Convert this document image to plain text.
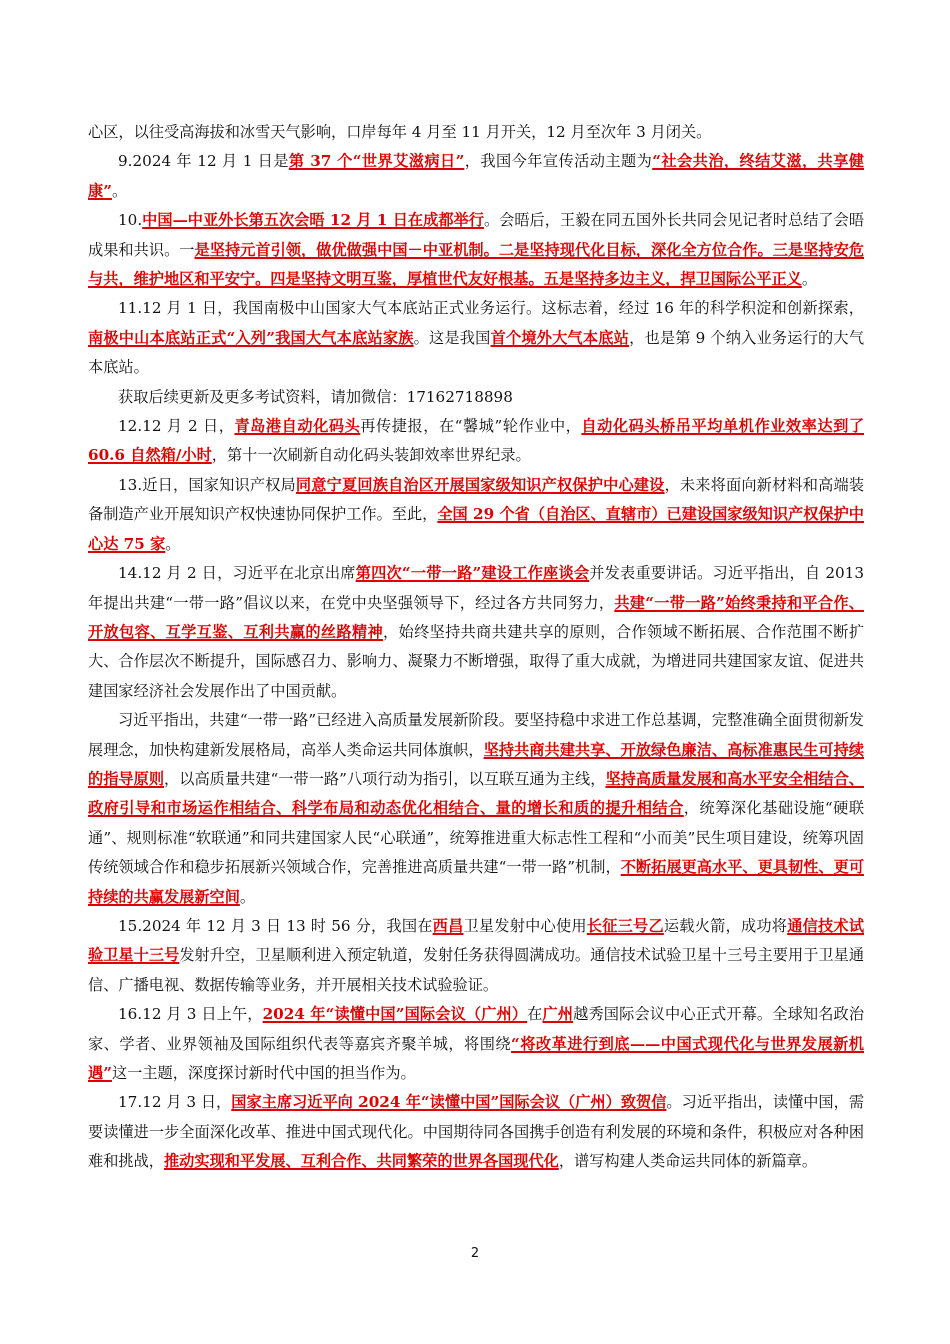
心区，以往受高海拔和冰雪天气影响，口岸每年 4 月至 11 月开关，12 月至次年 3 月闭关。

9.2024 年 12 月 1 日是第 37 个“世界艾滋病日”，我国今年宣传活动主题为“社会共治，终结艾滋，共享健康”。

10.中国—中亚外长第五次会晤 12 月 1 日在成都举行。会晤后，王毅在同五国外长共同会见记者时总结了会晤成果和共识。一是坚持元首引领，做优做强中国－中亚机制。二是坚持现代化目标，深化全方位合作。三是坚持安危与共，维护地区和平安宁。四是坚持文明互鉴，厚植世代友好根基。五是坚持多边主义，捍卫国际公平正义。

11.12 月 1 日，我国南极中山国家大气本底站正式业务运行。这标志着，经过 16 年的科学积淀和创新探索，南极中山本底站正式“入列”我国大气本底站家族。这是我国首个境外大气本底站，也是第 9 个纳入业务运行的大气本底站。

获取后续更新及更多考试资料，请加微信：17162718898

12.12 月 2 日，青岛港自动化码头再传捷报，在“馨城”轮作业中，自动化码头桥吊平均单机作业效率达到了 60.6 自然箱/小时，第十一次刷新自动化码头装卸效率世界纪录。

13.近日，国家知识产权局同意宁夏回族自治区开展国家级知识产权保护中心建设，未来将面向新材料和高端装备制造产业开展知识产权快速协同保护工作。至此，全国 29 个省（自治区、直辖市）已建设国家级知识产权保护中心达 75 家。

14.12 月 2 日，习近平在北京出席第四次“一带一路”建设工作座谈会并发表重要讲话。习近平指出，自 2013 年提出共建“一带一路”倡议以来，在党中央坚强领导下，经过各方共同努力，共建“一带一路”始终秉持和平合作、开放包容、互学互鉴、互利共赢的丝路精神，始终坚持共商共建共享的原则，合作领域不断拓展、合作范围不断扩大、合作层次不断提升，国际感召力、影响力、凝聚力不断增强，取得了重大成就，为增进同共建国家友谊、促进共建国家经济社会发展作出了中国贡献。

习近平指出，共建“一带一路”已经进入高质量发展新阶段。要坚持稳中求进工作总基调，完整准确全面贯彻新发展理念，加快构建新发展格局，高举人类命运共同体旗帜，坚持共商共建共享、开放绿色廉洁、高标准惠民生可持续的指导原则，以高质量共建“一带一路”八项行动为指引，以互联互通为主线，坚持高质量发展和高水平安全相结合、政府引导和市场运作相结合、科学布局和动态优化相结合、量的增长和质的提升相结合，统筹深化基础设施“硬联通”、规则标准“软联通”和同共建国家人民“心联通”，统筹推进重大标志性工程和“小而美”民生项目建设，统筹巩固传统领域合作和稳步拓展新兴领域合作，完善推进高质量共建“一带一路”机制，不断拓展更高水平、更具韧性、更可持续的共赢发展新空间。

15.2024 年 12 月 3 日 13 时 56 分，我国在西昌卫星发射中心使用长征三号乙运载火箭，成功将通信技术试验卫星十三号发射升空，卫星顺利进入预定轨道，发射任务获得圆满成功。通信技术试验卫星十三号主要用于卫星通信、广播电视、数据传输等业务，并开展相关技术试验验证。

16.12 月 3 日上午，2024 年“读懂中国”国际会议（广州）在广州越秀国际会议中心正式开幕。全球知名政治家、学者、业界领袖及国际组织代表等嘉宾齐聚羊城，将围绕“将改革进行到底——中国式现代化与世界发展新机遇”这一主题，深度探讨新时代中国的担当作为。

17.12 月 3 日，国家主席习近平向 2024 年“读懂中国”国际会议（广州）致贺信。习近平指出，读懂中国，需要读懂进一步全面深化改革、推进中国式现代化。中国期待同各国携手创造有利发展的环境和条件，积极应对各种困难和挑战，推动实现和平发展、互利合作、共同繁荣的世界各国现代化，谱写构建人类命运共同体的新篇章。

2
